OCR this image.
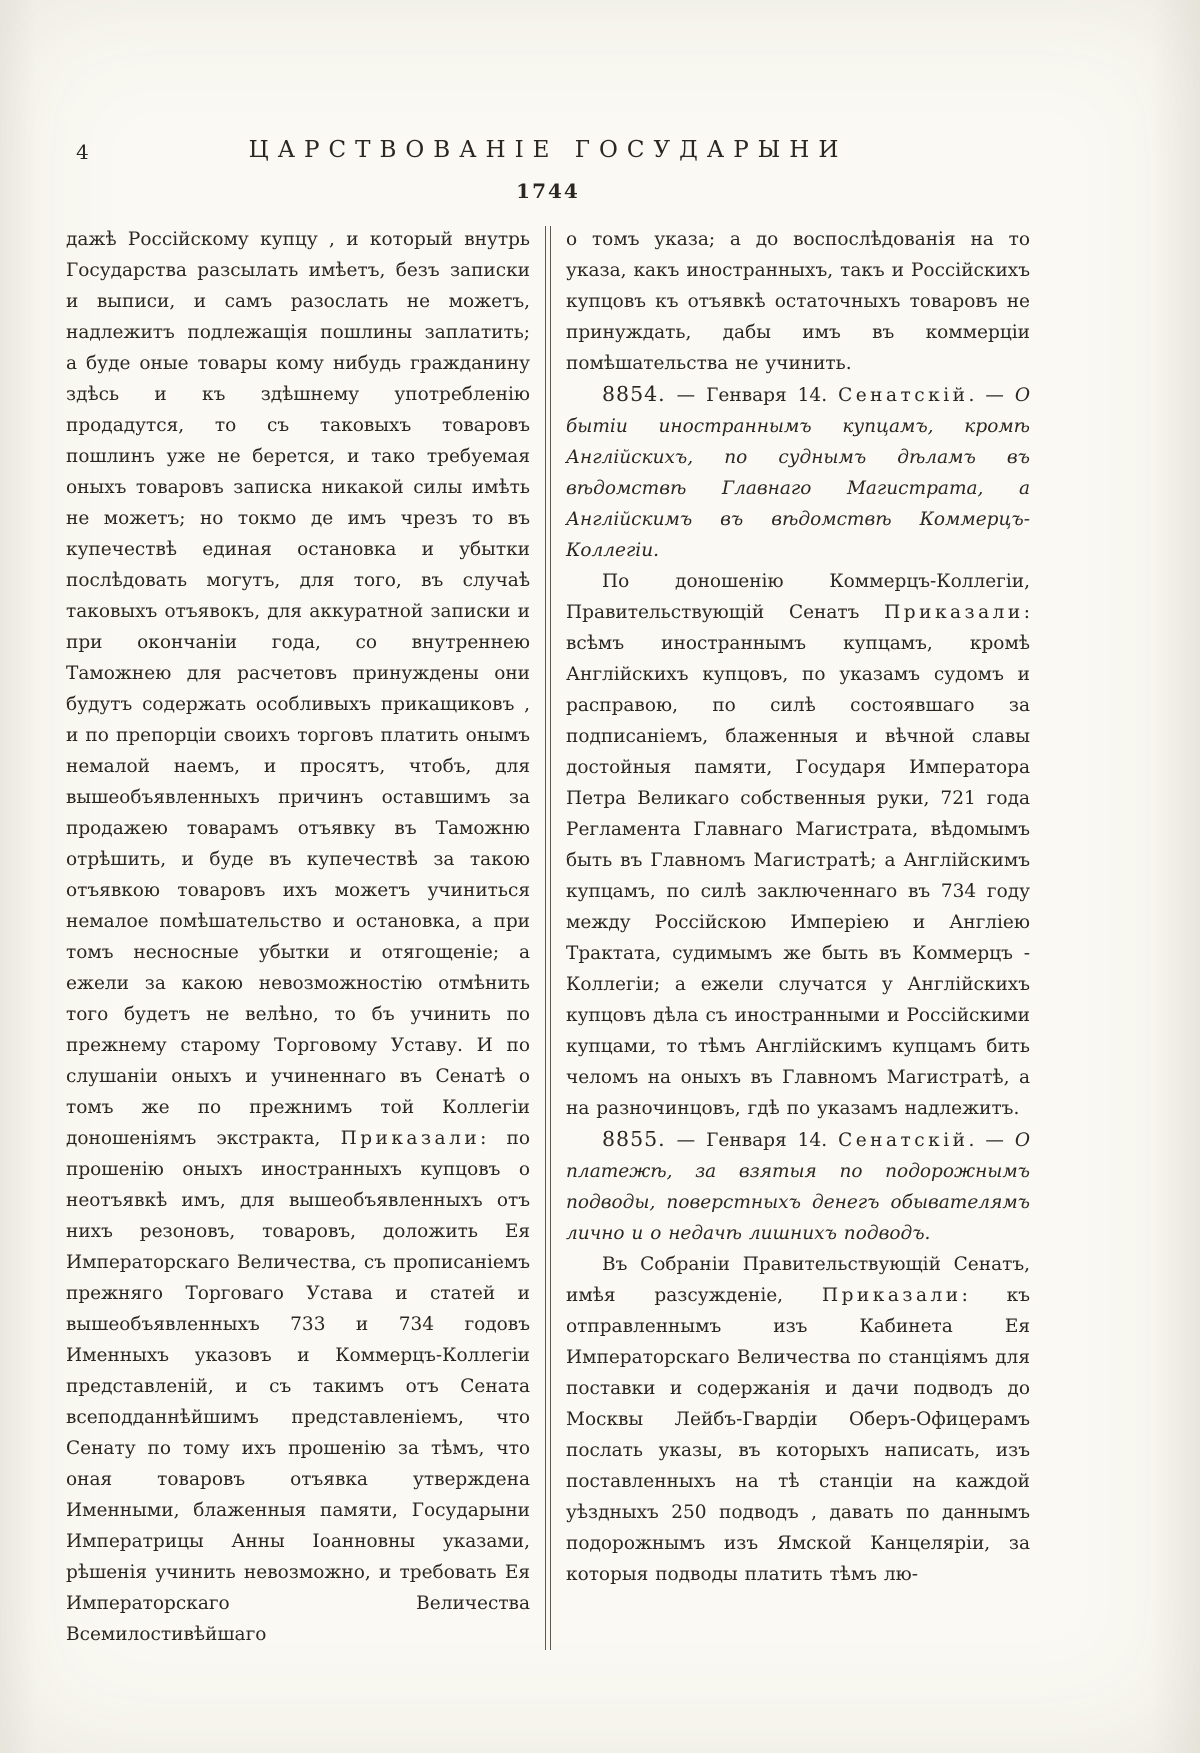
4	ЦАРСТВОВАНІЕ ГОСУДАРЫНИ
1744

дажѣ Россійскому купцу , и который внутрь Государства разсылать имѣетъ, безъ записки и выписи, и самъ разослать не можетъ, надлежитъ подлежащія пошлины заплатить; а буде оные товары кому нибудь гражданину здѣсь и къ здѣшнему употребленію продадутся, то съ таковыхъ товаровъ пошлинъ уже не берется, и тако требуемая оныхъ товаровъ записка никакой силы имѣть не можетъ; но токмо де имъ чрезъ то въ купечествѣ единая остановка и убытки послѣдовать могутъ, для того, въ случаѣ таковыхъ отъявокъ, для аккуратной записки и при окончаніи года, со внутреннею Таможнею для расчетовъ принуждены они будутъ содержать особливыхъ прикащиковъ , и по препорціи своихъ торговъ платить онымъ немалой наемъ, и просятъ, чтобъ, для вышеобъявленныхъ причинъ оставшимъ за продажею товарамъ отъявку въ Таможню отрѣшить, и буде въ купечествѣ за такою отъявкою товаровъ ихъ можетъ учиниться немалое помѣшательство и остановка, а при томъ несносные убытки и отягощеніе; а ежели за какою невозможностію отмѣнить того будетъ не велѣно, то бъ учинить по прежнему старому Торговому Уставу. И по слушаніи оныхъ и учиненнаго въ Сенатѣ о томъ же по прежнимъ той Коллегіи доношеніямъ экстракта, Приказали: по прошенію оныхъ иностранныхъ купцовъ о неотъявкѣ имъ, для вышеобъявленныхъ отъ нихъ резоновъ, товаровъ, доложить Ея Императорскаго Величества, съ прописаніемъ прежняго Торговаго Устава и статей и вышеобъявленныхъ 733 и 734 годовъ Именныхъ указовъ и Коммерцъ-Коллегіи представленій, и съ такимъ отъ Сената всеподданнѣйшимъ представленіемъ, что Сенату по тому ихъ прошенію за тѣмъ, что оная товаровъ отъявка утверждена Именными, блаженныя памяти, Государыни Императрицы Анны Іоанновны указами, рѣшенія учинить невозможно, и требовать Ея Императорскаго Величества Всемилостивѣйшаго

о томъ указа; а до воспослѣдованія на то указа, какъ иностранныхъ, такъ и Россійскихъ купцовъ къ отъявкѣ остаточныхъ товаровъ не принуждать, дабы имъ въ коммерціи помѣшательства не учинить.

8854. — Генваря 14. Сенатскій. — О бытіи иностраннымъ купцамъ, кромѣ Англійскихъ, по суднымъ дѣламъ въ вѣдомствѣ Главнаго Магистрата, а Англійскимъ въ вѣдомствѣ Коммерцъ-Коллегіи.

По доношенію Коммерцъ-Коллегіи, Правительствующій Сенатъ Приказали: всѣмъ иностраннымъ купцамъ, кромѣ Англійскихъ купцовъ, по указамъ судомъ и расправою, по силѣ состоявшаго за подписаніемъ, блаженныя и вѣчной славы достойныя памяти, Государя Императора Петра Великаго собственныя руки, 721 года Регламента Главнаго Магистрата, вѣдомымъ быть въ Главномъ Магистратѣ; а Англійскимъ купцамъ, по силѣ заключеннаго въ 734 году между Россійскою Имперіею и Англіею Трактата, судимымъ же быть въ Коммерцъ - Коллегіи; а ежели случатся у Англійскихъ купцовъ дѣла съ иностранными и Россійскими купцами, то тѣмъ Англійскимъ купцамъ бить челомъ на оныхъ въ Главномъ Магистратѣ, а на разночинцовъ, гдѣ по указамъ надлежитъ.

8855. — Генваря 14. Сенатскій. — О платежѣ, за взятыя по подорожнымъ подводы, поверстныхъ денегъ обывателямъ лично и о недачѣ лишнихъ подводъ.

Въ Собраніи Правительствующій Сенатъ, имѣя разсужденіе, Приказали: къ отправленнымъ изъ Кабинета Ея Императорскаго Величества по станціямъ для поставки и содержанія и дачи подводъ до Москвы Лейбъ-Гвардіи Оберъ-Офицерамъ послать указы, въ которыхъ написать, изъ поставленныхъ на тѣ станціи на каждой уѣздныхъ 250 подводъ , давать по даннымъ подорожнымъ изъ Ямской Канцеляріи, за которыя подводы платить тѣмъ лю-
